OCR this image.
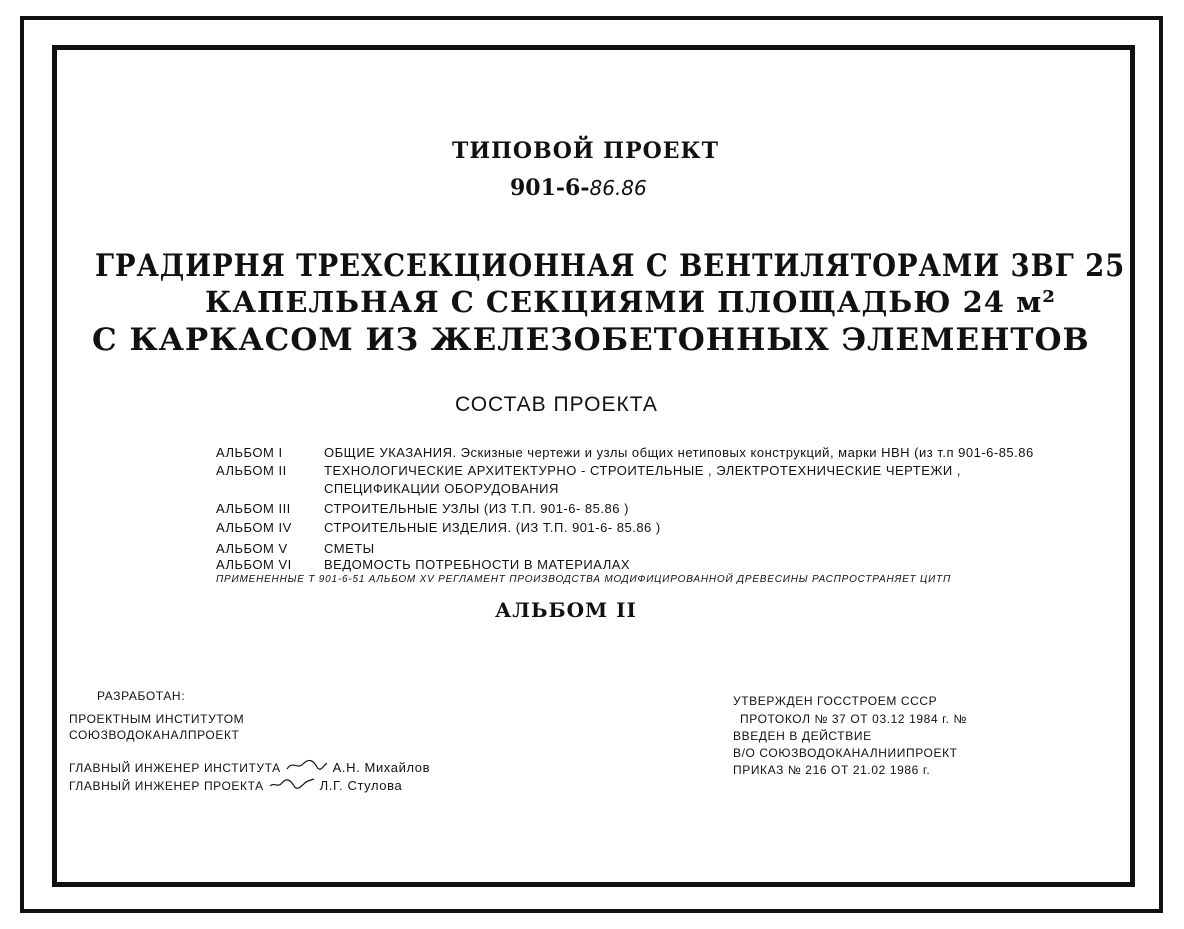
ТИПОВОЙ ПРОЕКТ
901-6-86.86
ГРАДИРНЯ ТРЕХСЕКЦИОННАЯ С ВЕНТИЛЯТОРАМИ 3ВГ 25
КАПЕЛЬНАЯ С СЕКЦИЯМИ ПЛОЩАДЬЮ 24 м²
С КАРКАСОМ ИЗ ЖЕЛЕЗОБЕТОННЫХ ЭЛЕМЕНТОВ
СОСТАВ ПРОЕКТА
АЛЬБОМ I	ОБЩИЕ УКАЗАНИЯ. Эскизные чертежи и узлы общих нетиповых конструкций, марки НВН (из т.п 901-6-85.86
АЛЬБОМ II	ТЕХНОЛОГИЧЕСКИЕ АРХИТЕКТУРНО - СТРОИТЕЛЬНЫЕ , ЭЛЕКТРОТЕХНИЧЕСКИЕ ЧЕРТЕЖИ ,
СПЕЦИФИКАЦИИ ОБОРУДОВАНИЯ
АЛЬБОМ III	СТРОИТЕЛЬНЫЕ УЗЛЫ (ИЗ Т.П. 901-6- 85.86 )
АЛЬБОМ IV СТРОИТЕЛЬНЫЕ ИЗДЕЛИЯ. (ИЗ Т.П. 901-6- 85.86 )
АЛЬБОМ V	СМЕТЫ
АЛЬБОМ VI ВЕДОМОСТЬ ПОТРЕБНОСТИ В МАТЕРИАЛАХ
ПРИМЕНЕННЫЕ Т 901-6-51 АЛЬБОМ XV РЕГЛАМЕНТ ПРОИЗВОДСТВА МОДИФИЦИРОВАННОЙ ДРЕВЕСИНЫ РАСПРОСТРАНЯЕТ ЦИТП
АЛЬБОМ II
РАЗРАБОТАН:
ПРОЕКТНЫМ ИНСТИТУТОМ
СОЮЗВОДОКАНАЛПРОЕКТ
ГЛАВНЫЙ ИНЖЕНЕР ИНСТИТУТА	А.Н. Михайлов
ГЛАВНЫЙ ИНЖЕНЕР ПРОЕКТА	Л.Г. Стулова
УТВЕРЖДЕН ГОССТРОЕМ СССР
ПРОТОКОЛ № 37 ОТ 03.12 1984 г. №
ВВЕДЕН В ДЕЙСТВИЕ
В/О СОЮЗВОДОКАНАЛНИИПРОЕКТ
ПРИКАЗ № 216 ОТ 21.02 1986 г.
